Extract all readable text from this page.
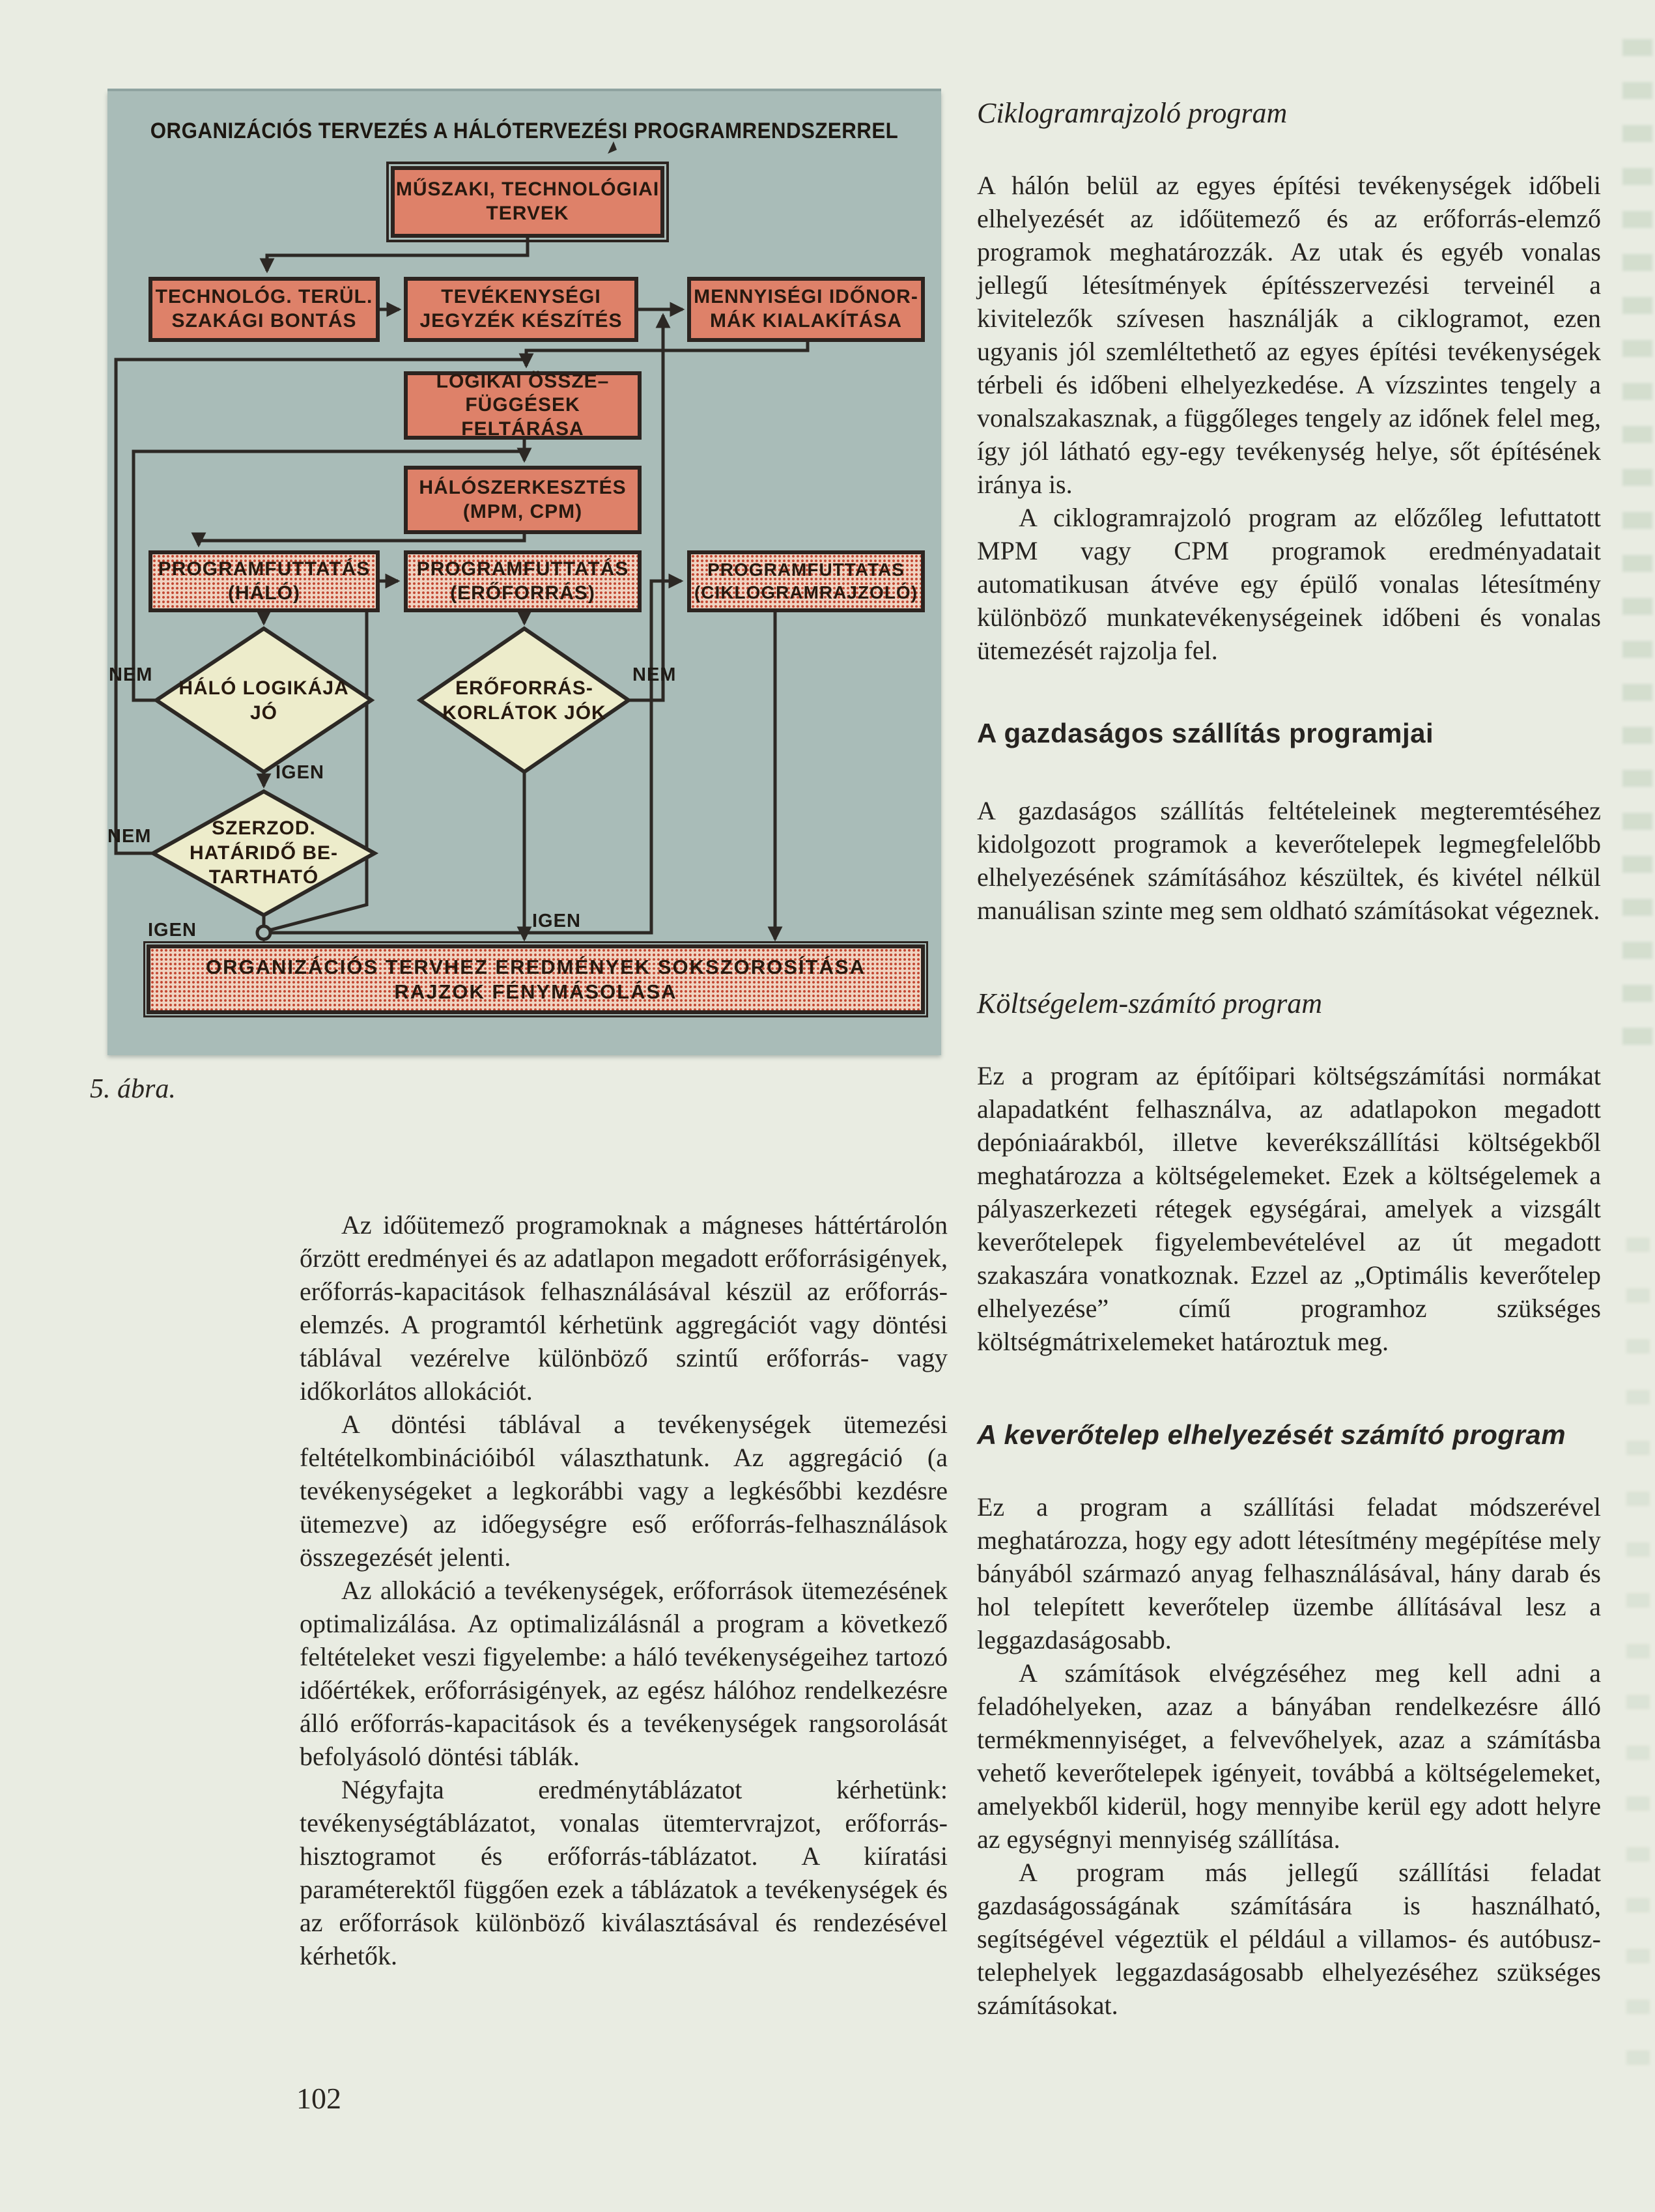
ORGANIZÁCIÓS TERVEZÉS A HÁLÓTERVEZÉSI PROGRAMRENDSZERREL
MŰSZAKI, TECHNOLÓGIAI
TERVEK
TECHNOLÓG. TERÜL.
SZAKÁGI BONTÁS
TEVÉKENYSÉGI
JEGYZÉK KÉSZÍTÉS
MENNYISÉGI IDŐNOR-
MÁK KIALAKÍTÁSA
LOGIKAI ÖSSZE–
FÜGGÉSEK FELTÁRÁSA
HÁLÓSZERKESZTÉS
(MPM, CPM)
PROGRAMFUTTATÁS
(HÁLÓ)
PROGRAMFUTTATÁS
(ERŐFORRÁS)
PROGRAMFUTTATAS
(CIKLOGRAMRAJZOLÓ)
HÁLÓ LOGIKÁJA
JÓ
ERŐFORRÁS-
KORLÁTOK JÓK
SZERZOD.
HATÁRIDŐ BE-
TARTHATÓ
NEM	NEM
NEM
IGEN
IGEN	IGEN
ORGANIZÁCIÓS TERVHEZ EREDMÉNYEK SOKSZOROSÍTÁSA
RAJZOK FÉNYMÁSOLÁSA
5. ábra.

Az időütemező programoknak a mágneses háttértárolón őrzött eredményei és az adatlapon megadott erőforrásigények, erőforrás-kapacitások felhasználásával készül az erőforrás-elemzés. A programtól kérhetünk aggregációt vagy döntési táblával vezérelve különböző szintű erőforrás- vagy időkorlátos allokációt.

A döntési táblával a tevékenységek ütemezési feltételkombinációiból választhatunk. Az aggregáció (a tevékenységeket a legkorábbi vagy a legkésőbbi kezdésre ütemezve) az időegységre eső erőforrás-felhasználások összegezését jelenti.

Az allokáció a tevékenységek, erőforrások ütemezésének optimalizálása. Az optimalizálásnál a program a következő feltételeket veszi figyelembe: a háló tevékenységeihez tartozó időértékek, erőforrásigények, az egész hálóhoz rendelkezésre álló erőforrás-kapacitások és a tevékenységek rangsorolását befolyásoló döntési táblák.

Négyfajta eredménytáblázatot kérhetünk: tevékenységtáblázatot, vonalas ütemtervrajzot, erőforrás-hisztogramot és erőforrás-táblázatot. A kiíratási paraméterektől függően ezek a táblázatok a tevékenységek és az erőforrások különböző kiválasztásával és rendezésével kérhetők.

Ciklogramrajzoló program

A hálón belül az egyes építési tevékenységek időbeli elhelyezését az időütemező és az erőforrás-elemző programok meghatározzák. Az utak és egyéb vonalas jellegű létesítmények építésszervezési terveinél a kivitelezők szívesen használják a ciklogramot, ezen ugyanis jól szemléltethető az egyes építési tevékenységek térbeli és időbeni elhelyezkedése. A vízszintes tengely a vonalszakasznak, a függőleges tengely az időnek felel meg, így jól látható egy-egy tevékenység helye, sőt építésének iránya is.

A ciklogramrajzoló program az előzőleg lefuttatott MPM vagy CPM programok eredményadatait automatikusan átvéve egy épülő vonalas létesítmény különböző munkatevékenységeinek időbeni és vonalas ütemezését rajzolja fel.

A gazdaságos szállítás programjai

A gazdaságos szállítás feltételeinek megteremtéséhez kidolgozott programok a keverőtelepek legmegfelelőbb elhelyezésének számításához készültek, és kivétel nélkül manuálisan szinte meg sem oldható számításokat végeznek.

Költségelem-számító program

Ez a program az építőipari költségszámítási normákat alapadatként felhasználva, az adatlapokon megadott depóniaárakból, illetve keverékszállítási költségekből meghatározza a költségelemeket. Ezek a költségelemek a pályaszerkezeti rétegek egységárai, amelyek a vizsgált keverőtelepek figyelembevételével az út megadott szakaszára vonatkoznak. Ezzel az „Optimális keverőtelep elhelyezése” című programhoz szükséges költségmátrixelemeket határoztuk meg.

A keverőtelep elhelyezését számító program

Ez a program a szállítási feladat módszerével meghatározza, hogy egy adott létesítmény megépítése mely bányából származó anyag felhasználásával, hány darab és hol telepített keverőtelep üzembe állításával lesz a leggazdaságosabb.

A számítások elvégzéséhez meg kell adni a feladóhelyeken, azaz a bányában rendelkezésre álló termékmennyiséget, a felvevőhelyek, azaz a számításba vehető keverőtelepek igényeit, továbbá a költségelemeket, amelyekből kiderül, hogy mennyibe kerül egy adott helyre az egységnyi mennyiség szállítása.

A program más jellegű szállítási feladat gazdaságosságának számítására is használható, segítségével végeztük el például a villamos- és autóbusz-telephelyek leggazdaságosabb elhelyezéséhez szükséges számításokat.

102
